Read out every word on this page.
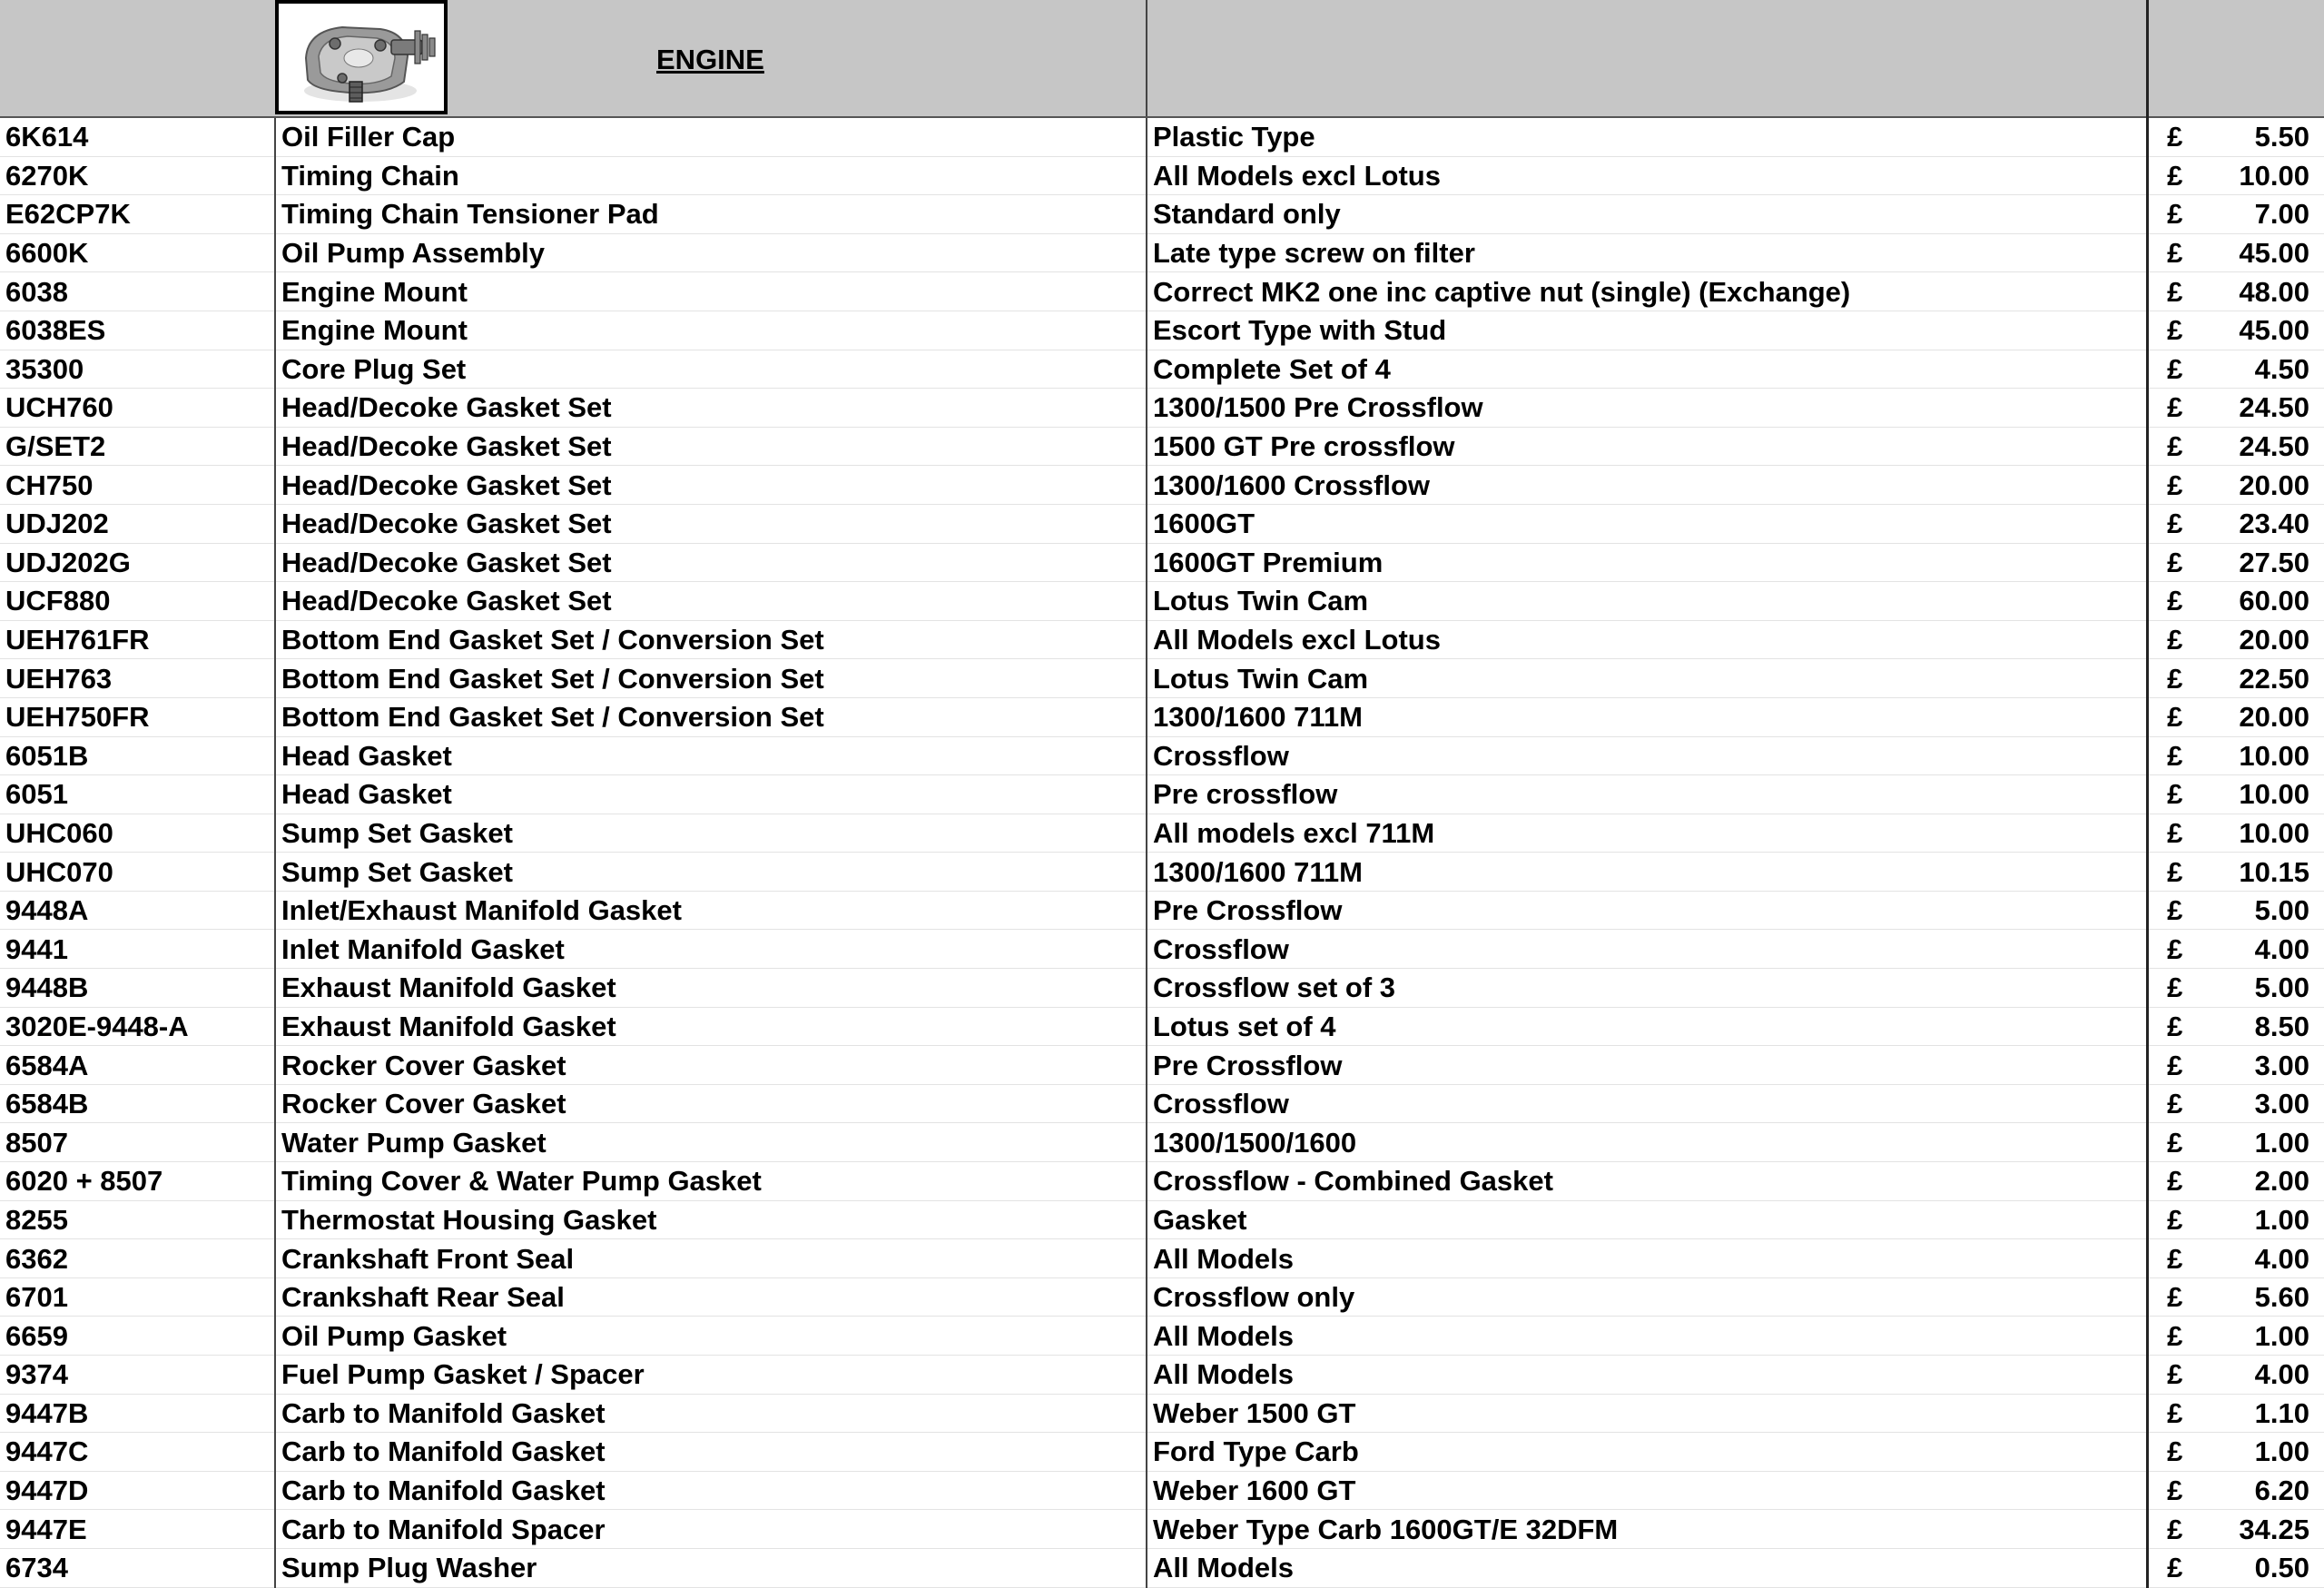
	ENGINE			

6K614	Oil Filler Cap	Plastic Type	£	5.50
6270K	Timing Chain	All Models excl Lotus	£	10.00
E62CP7K	Timing Chain Tensioner Pad	Standard only	£	7.00
6600K	Oil Pump Assembly	Late type screw on filter	£	45.00
6038	Engine Mount	Correct MK2 one inc captive nut (single) (Exchange)	£	48.00
6038ES	Engine Mount	Escort Type with Stud	£	45.00
35300	Core Plug Set	Complete Set of 4	£	4.50
UCH760	Head/Decoke Gasket Set	1300/1500 Pre Crossflow	£	24.50
G/SET2	Head/Decoke Gasket Set	1500 GT Pre crossflow	£	24.50
CH750	Head/Decoke Gasket Set	1300/1600 Crossflow	£	20.00
UDJ202	Head/Decoke Gasket Set	1600GT	£	23.40
UDJ202G	Head/Decoke Gasket Set	1600GT Premium	£	27.50
UCF880	Head/Decoke Gasket Set	Lotus Twin Cam	£	60.00
UEH761FR	Bottom End Gasket Set / Conversion Set	All Models excl Lotus	£	20.00
UEH763	Bottom End Gasket Set / Conversion Set	Lotus Twin Cam	£	22.50
UEH750FR	Bottom End Gasket Set / Conversion Set	1300/1600 711M	£	20.00
6051B	Head Gasket	Crossflow	£	10.00
6051	Head Gasket	Pre crossflow	£	10.00
UHC060	Sump Set Gasket	All models excl 711M	£	10.00
UHC070	Sump Set Gasket	1300/1600 711M	£	10.15
9448A	Inlet/Exhaust Manifold Gasket	Pre Crossflow	£	5.00
9441	Inlet Manifold Gasket	Crossflow	£	4.00
9448B	Exhaust Manifold Gasket	Crossflow set of 3	£	5.00
3020E-9448-A	Exhaust Manifold Gasket	Lotus set of 4	£	8.50
6584A	Rocker Cover Gasket	Pre Crossflow	£	3.00
6584B	Rocker Cover Gasket	Crossflow	£	3.00
8507	Water Pump Gasket	1300/1500/1600	£	1.00
6020 + 8507	Timing Cover & Water Pump Gasket	Crossflow - Combined Gasket	£	2.00
8255	Thermostat Housing Gasket	Gasket	£	1.00
6362	Crankshaft Front Seal	All Models	£	4.00
6701	Crankshaft Rear Seal	Crossflow only	£	5.60
6659	Oil Pump Gasket	All Models	£	1.00
9374	Fuel Pump Gasket / Spacer	All Models	£	4.00
9447B	Carb to Manifold Gasket	Weber 1500 GT	£	1.10
9447C	Carb to Manifold Gasket	Ford Type Carb	£	1.00
9447D	Carb to Manifold Gasket	Weber 1600 GT	£	6.20
9447E	Carb to Manifold Spacer	Weber Type Carb 1600GT/E 32DFM	£	34.25
6734	Sump Plug Washer	All Models	£	0.50
